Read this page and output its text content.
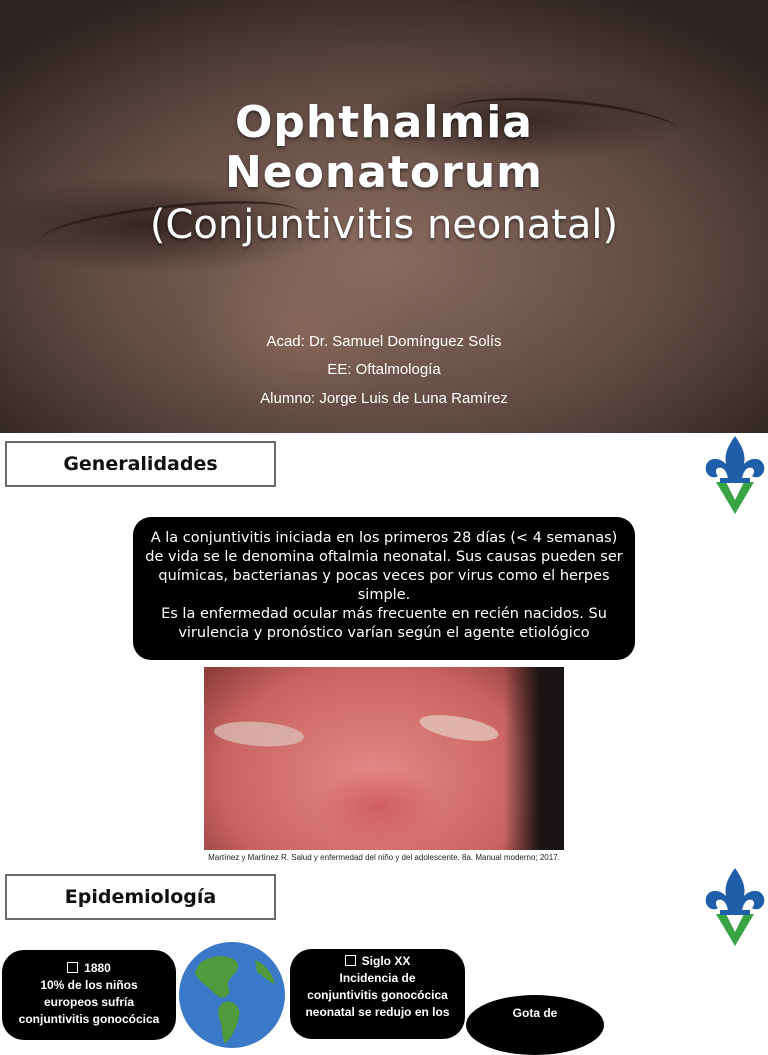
Ophthalmia
Neonatorum
(Conjuntivitis neonatal)
Acad: Dr. Samuel Domínguez Solís
EE: Oftalmología
Alumno: Jorge Luis de Luna Ramírez
Generalidades

A la conjuntivitis iniciada en los primeros 28 días (< 4 semanas) de vida se le denomina oftalmia neonatal. Sus causas pueden ser químicas, bacterianas y pocas veces por virus como el herpes simple.

Es la enfermedad ocular más frecuente en recién nacidos. Su virulencia y pronóstico varían según el agente etiológico

Martínez y Martínez R. Salud y enfermedad del niño y del adolescente. 8a. Manual moderno; 2017.
Epidemiología
1880
10% de los niños
europeos sufría
conjuntivitis gonocócica
Siglo XX
Incidencia de
conjuntivitis gonocócica
neonatal se redujo en los	Gota de
